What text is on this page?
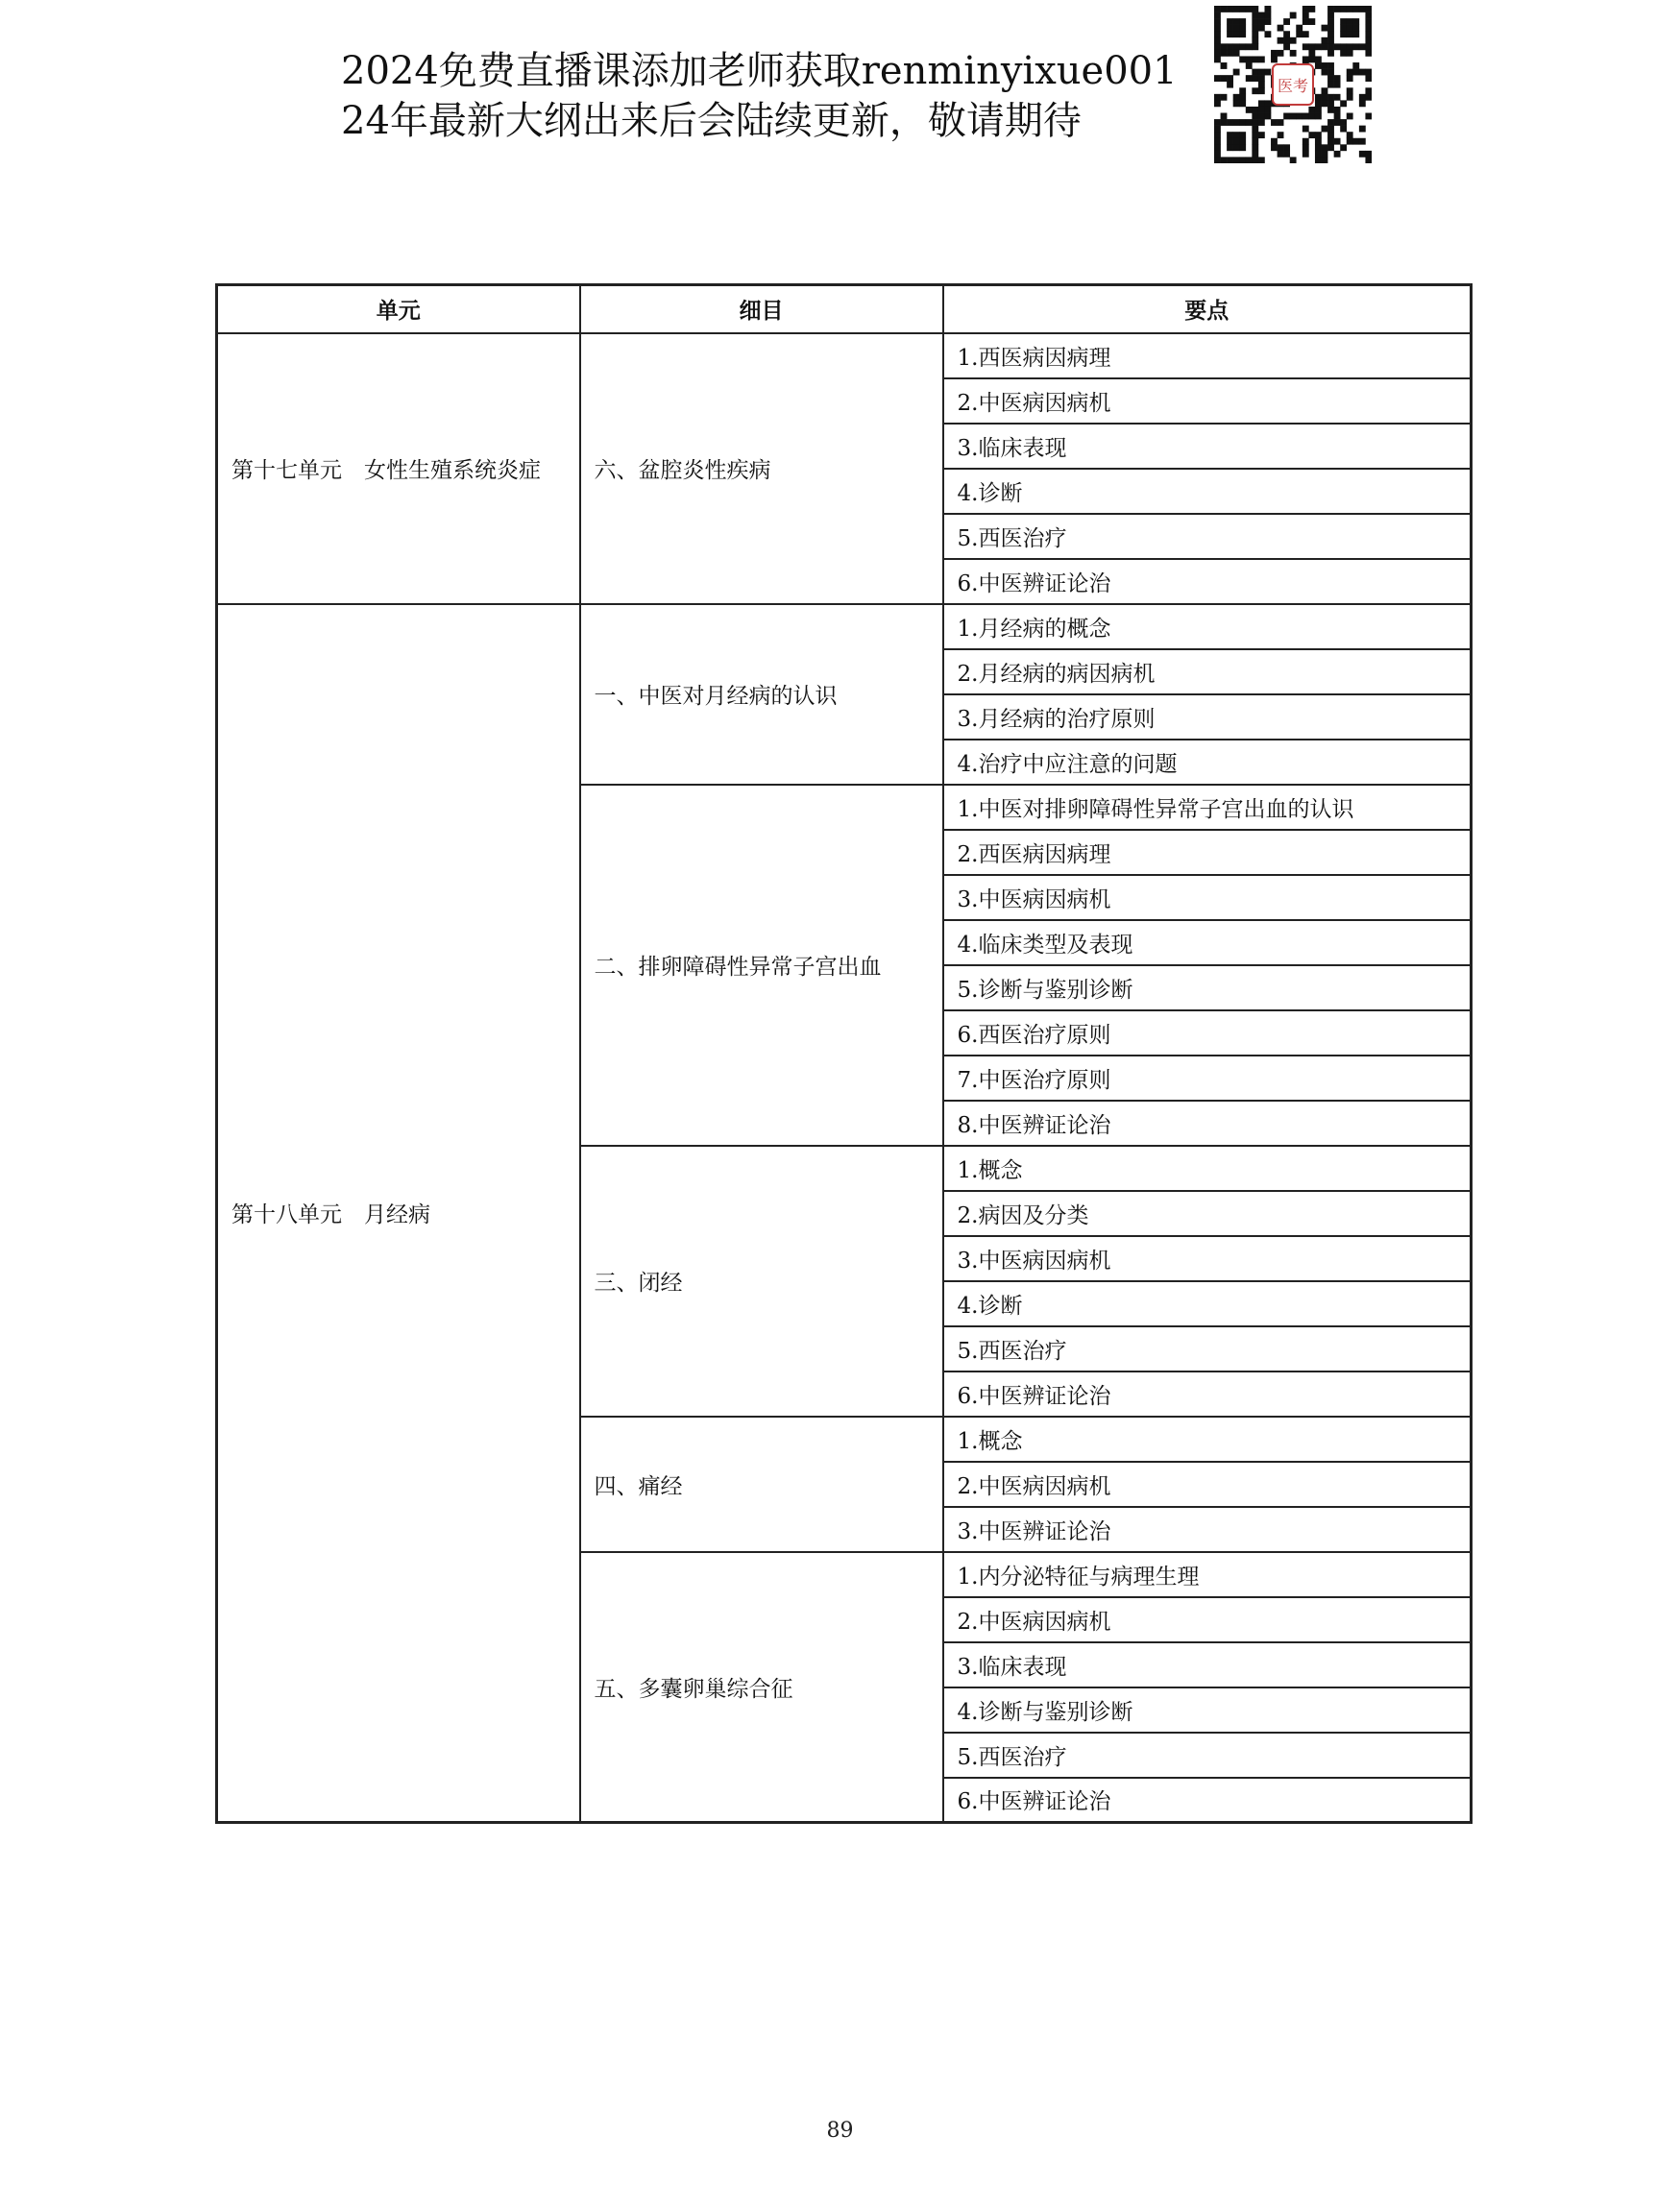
2024免费直播课添加老师获取renminyixue001
24年最新大纲出来后会陆续更新，敬请期待
医考
单元	细目	要点
第十七单元　女性生殖系统炎症	六、盆腔炎性疾病	1.西医病因病理
		2.中医病因病机
		3.临床表现
		4.诊断
		5.西医治疗
		6.中医辨证论治
第十八单元　月经病	一、中医对月经病的认识	1.月经病的概念
		2.月经病的病因病机
		3.月经病的治疗原则
		4.治疗中应注意的问题
	二、排卵障碍性异常子宫出血	1.中医对排卵障碍性异常子宫出血的认识
		2.西医病因病理
		3.中医病因病机
		4.临床类型及表现
		5.诊断与鉴别诊断
		6.西医治疗原则
		7.中医治疗原则
		8.中医辨证论治
	三、闭经	1.概念
		2.病因及分类
		3.中医病因病机
		4.诊断
		5.西医治疗
		6.中医辨证论治
	四、痛经	1.概念
		2.中医病因病机
		3.中医辨证论治
	五、多囊卵巢综合征	1.内分泌特征与病理生理
		2.中医病因病机
		3.临床表现
		4.诊断与鉴别诊断
		5.西医治疗
		6.中医辨证论治
89
